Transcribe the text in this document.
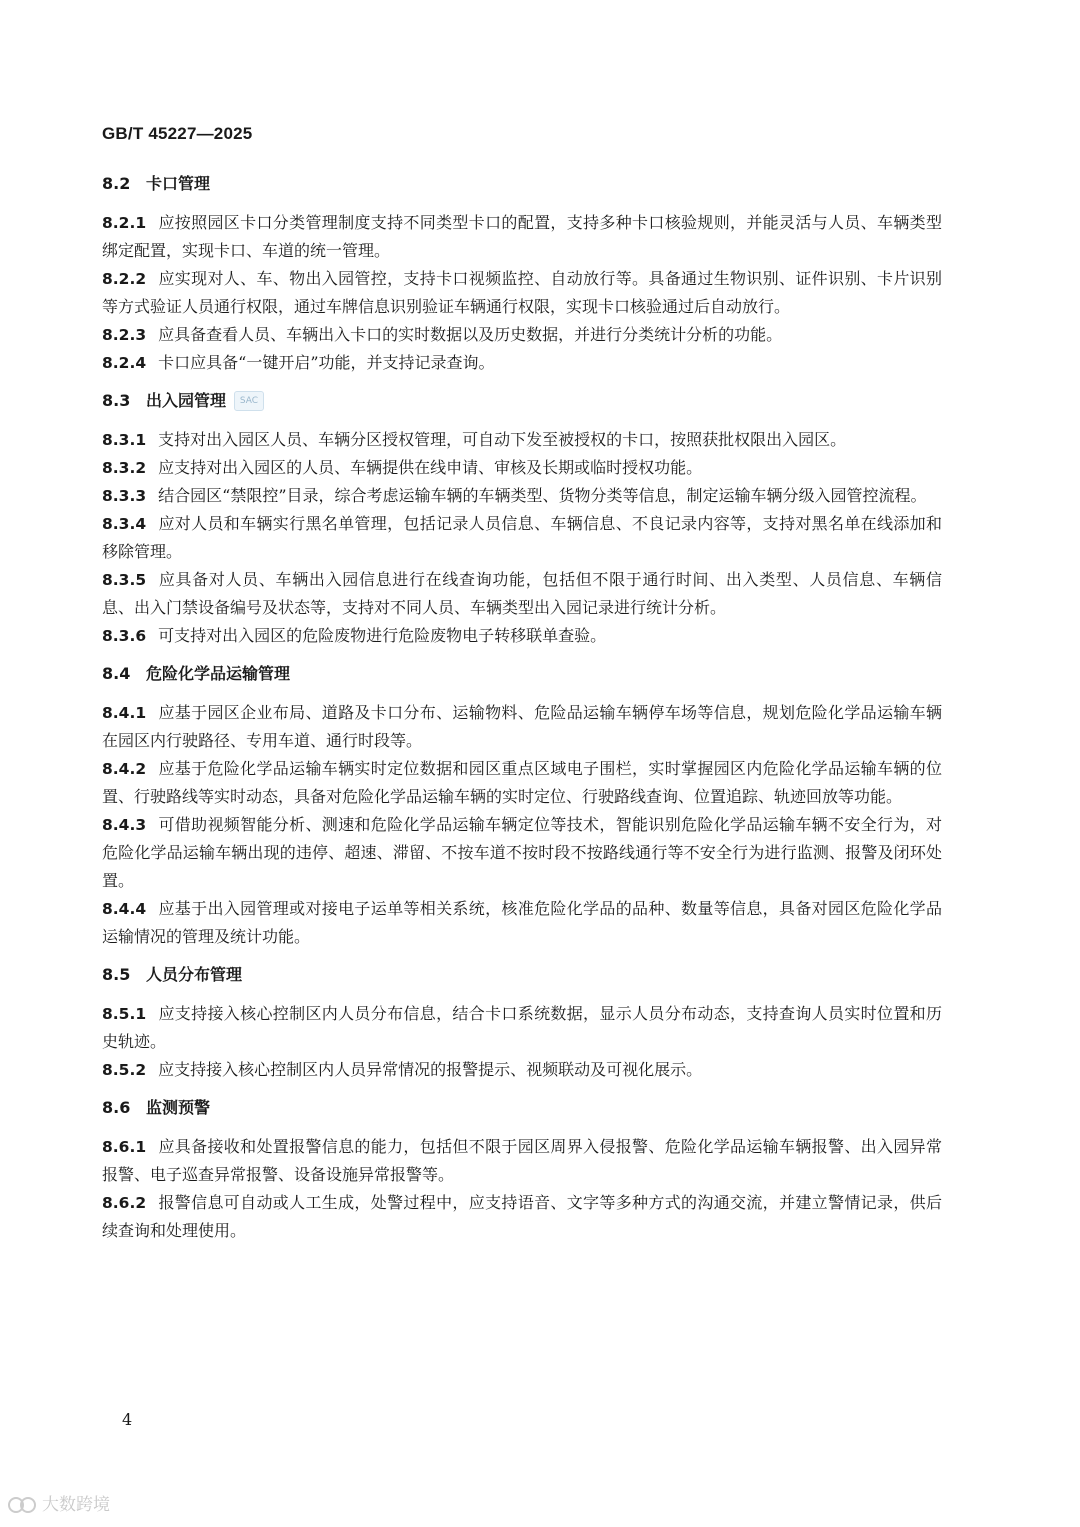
GB/T 45227—2025
8.2 卡口管理

8.2.1 应按照园区卡口分类管理制度支持不同类型卡口的配置，支持多种卡口核验规则，并能灵活与人员、车辆类型绑定配置，实现卡口、车道的统一管理。

8.2.2 应实现对人、车、物出入园管控，支持卡口视频监控、自动放行等。具备通过生物识别、证件识别、卡片识别等方式验证人员通行权限，通过车牌信息识别验证车辆通行权限，实现卡口核验通过后自动放行。

8.2.3 应具备查看人员、车辆出入卡口的实时数据以及历史数据，并进行分类统计分析的功能。

8.2.4 卡口应具备“一键开启”功能，并支持记录查询。

8.3 出入园管理	SAC

8.3.1 支持对出入园区人员、车辆分区授权管理，可自动下发至被授权的卡口，按照获批权限出入园区。

8.3.2 应支持对出入园区的人员、车辆提供在线申请、审核及长期或临时授权功能。

8.3.3 结合园区“禁限控”目录，综合考虑运输车辆的车辆类型、货物分类等信息，制定运输车辆分级入园管控流程。

8.3.4 应对人员和车辆实行黑名单管理，包括记录人员信息、车辆信息、不良记录内容等，支持对黑名单在线添加和移除管理。

8.3.5 应具备对人员、车辆出入园信息进行在线查询功能，包括但不限于通行时间、出入类型、人员信息、车辆信息、出入门禁设备编号及状态等，支持对不同人员、车辆类型出入园记录进行统计分析。

8.3.6 可支持对出入园区的危险废物进行危险废物电子转移联单查验。

8.4 危险化学品运输管理

8.4.1 应基于园区企业布局、道路及卡口分布、运输物料、危险品运输车辆停车场等信息，规划危险化学品运输车辆在园区内行驶路径、专用车道、通行时段等。

8.4.2 应基于危险化学品运输车辆实时定位数据和园区重点区域电子围栏，实时掌握园区内危险化学品运输车辆的位置、行驶路线等实时动态，具备对危险化学品运输车辆的实时定位、行驶路线查询、位置追踪、轨迹回放等功能。

8.4.3 可借助视频智能分析、测速和危险化学品运输车辆定位等技术，智能识别危险化学品运输车辆不安全行为，对危险化学品运输车辆出现的违停、超速、滞留、不按车道不按时段不按路线通行等不安全行为进行监测、报警及闭环处置。

8.4.4 应基于出入园管理或对接电子运单等相关系统，核准危险化学品的品种、数量等信息，具备对园区危险化学品运输情况的管理及统计功能。

8.5 人员分布管理

8.5.1 应支持接入核心控制区内人员分布信息，结合卡口系统数据，显示人员分布动态，支持查询人员实时位置和历史轨迹。

8.5.2 应支持接入核心控制区内人员异常情况的报警提示、视频联动及可视化展示。

8.6 监测预警

8.6.1 应具备接收和处置报警信息的能力，包括但不限于园区周界入侵报警、危险化学品运输车辆报警、出入园异常报警、电子巡查异常报警、设备设施异常报警等。

8.6.2 报警信息可自动或人工生成，处警过程中，应支持语音、文字等多种方式的沟通交流，并建立警情记录，供后续查询和处理使用。

4
大数跨境
